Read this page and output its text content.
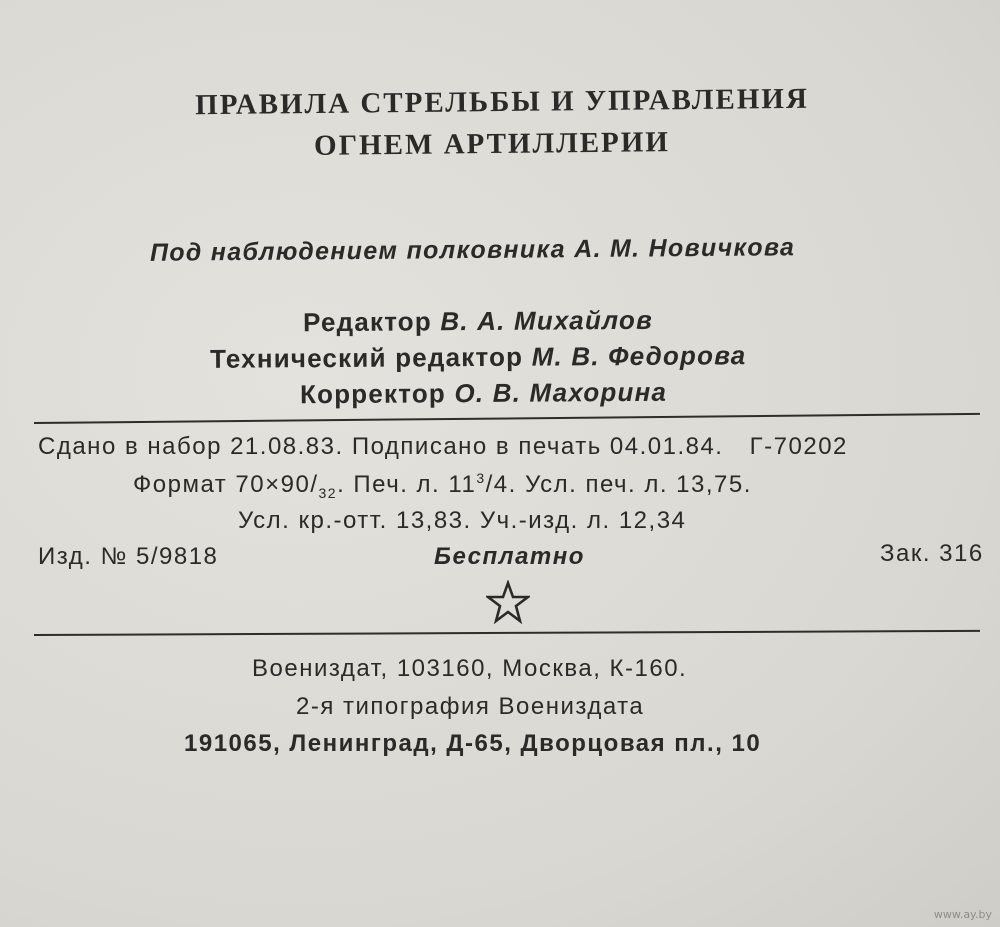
ПРАВИЛА СТРЕЛЬБЫ И УПРАВЛЕНИЯ
ОГНЕМ АРТИЛЛЕРИИ
Под наблюдением полковника А. М. Новичкова
Редактор В. А. Михайлов
Технический редактор М. В. Федорова
Корректор О. В. Махорина
Сдано в набор 21.08.83. Подписано в печать 04.01.84. Г-70202
Формат $70\times 90/_{32}$. Печ. л. $11^3/4$. Усл. печ. л. 13,75.
Усл. кр.-отт. 13,83. Уч.-изд. л. 12,34
Изд. № 5/9818	Бесплатно	Зак. 316
Воениздат, 103160, Москва, К-160.
2-я типография Воениздата
191065, Ленинград, Д-65, Дворцовая пл., 10
www.ay.by
